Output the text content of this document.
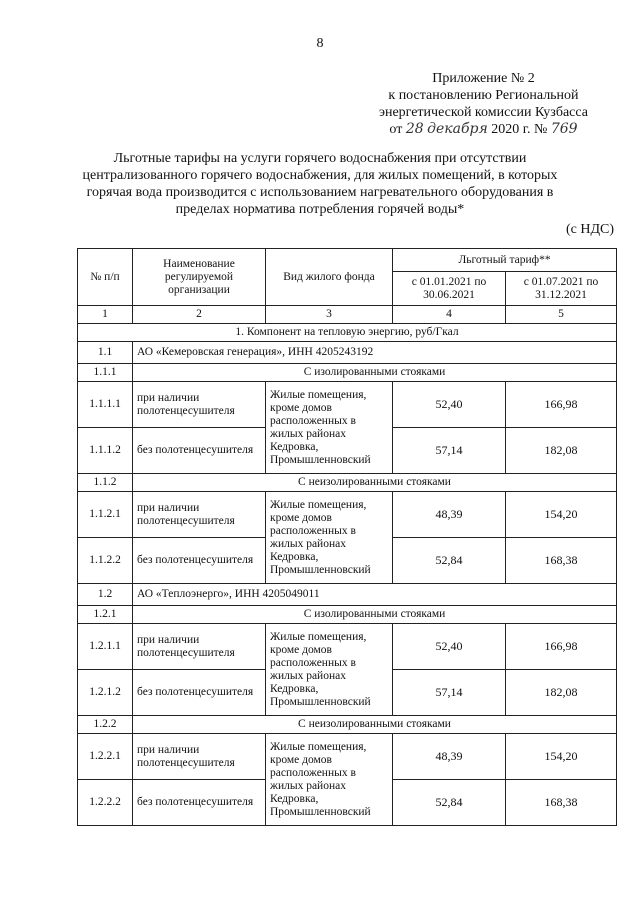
8
Приложение № 2
к постановлению Региональной
энергетической комиссии Кузбасса
от 28 декабря 2020 г. № 769
Льготные тарифы на услуги горячего водоснабжения при отсутствии централизованного горячего водоснабжения, для жилых помещений, в которых горячая вода производится с использованием нагревательного оборудования в пределах норматива потребления горячей воды*
(с НДС)
№ п/п	Наименование регулируемой организации	Вид жилого фонда	Льготный тариф**	
			с 01.01.2021 по 30.06.2021	с 01.07.2021 по 31.12.2021
1	2	3	4	5
1. Компонент на тепловую энергию, руб/Гкал				
1.1	АО «Кемеровская генерация», ИНН 4205243192			
1.1.1	С изолированными стояками			
1.1.1.1	при наличии полотенцесушителя	Жилые помещения, кроме домов расположенных в жилых районах Кедровка, Промышленновский	52,40	166,98
1.1.1.2	без полотенцесушителя		57,14	182,08
1.1.2	С неизолированными стояками			
1.1.2.1	при наличии полотенцесушителя	Жилые помещения, кроме домов расположенных в жилых районах Кедровка, Промышленновский	48,39	154,20
1.1.2.2	без полотенцесушителя		52,84	168,38
1.2	АО «Теплоэнерго», ИНН 4205049011			
1.2.1	С изолированными стояками			
1.2.1.1	при наличии полотенцесушителя	Жилые помещения, кроме домов расположенных в жилых районах Кедровка, Промышленновский	52,40	166,98
1.2.1.2	без полотенцесушителя		57,14	182,08
1.2.2	С неизолированными стояками			
1.2.2.1	при наличии полотенцесушителя	Жилые помещения, кроме домов расположенных в жилых районах Кедровка, Промышленновский	48,39	154,20
1.2.2.2	без полотенцесушителя		52,84	168,38
